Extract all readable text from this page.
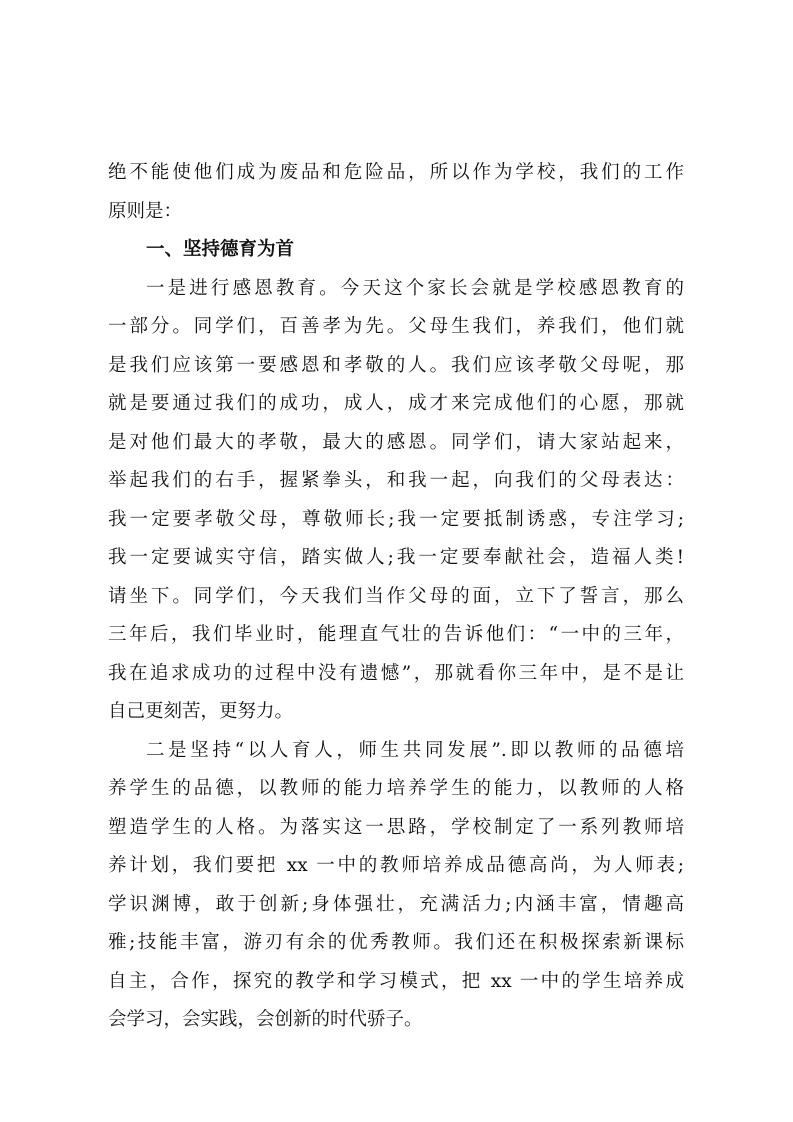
绝不能使他们成为废品和危险品，所以作为学校，我们的工作
原则是：
一、坚持德育为首
一是进行感恩教育。今天这个家长会就是学校感恩教育的
一部分。同学们，百善孝为先。父母生我们，养我们，他们就
是我们应该第一要感恩和孝敬的人。我们应该孝敬父母呢，那
就是要通过我们的成功，成人，成才来完成他们的心愿，那就
是对他们最大的孝敬，最大的感恩。同学们，请大家站起来，
举起我们的右手，握紧拳头，和我一起，向我们的父母表达：
我一定要孝敬父母，尊敬师长;我一定要抵制诱惑，专注学习;
我一定要诚实守信，踏实做人;我一定要奉献社会，造福人类!
请坐下。同学们，今天我们当作父母的面，立下了誓言，那么
三年后，我们毕业时，能理直气壮的告诉他们：“一中的三年，
我在追求成功的过程中没有遗憾”，那就看你三年中，是不是让
自己更刻苦，更努力。
二是坚持“以人育人，师生共同发展”.即以教师的品德培
养学生的品德，以教师的能力培养学生的能力，以教师的人格
塑造学生的人格。为落实这一思路，学校制定了一系列教师培
养计划，我们要把 xx 一中的教师培养成品德高尚，为人师表;
学识渊博，敢于创新;身体强壮，充满活力;内涵丰富，情趣高
雅;技能丰富，游刃有余的优秀教师。我们还在积极探索新课标
自主，合作，探究的教学和学习模式，把 xx 一中的学生培养成
会学习，会实践，会创新的时代骄子。
